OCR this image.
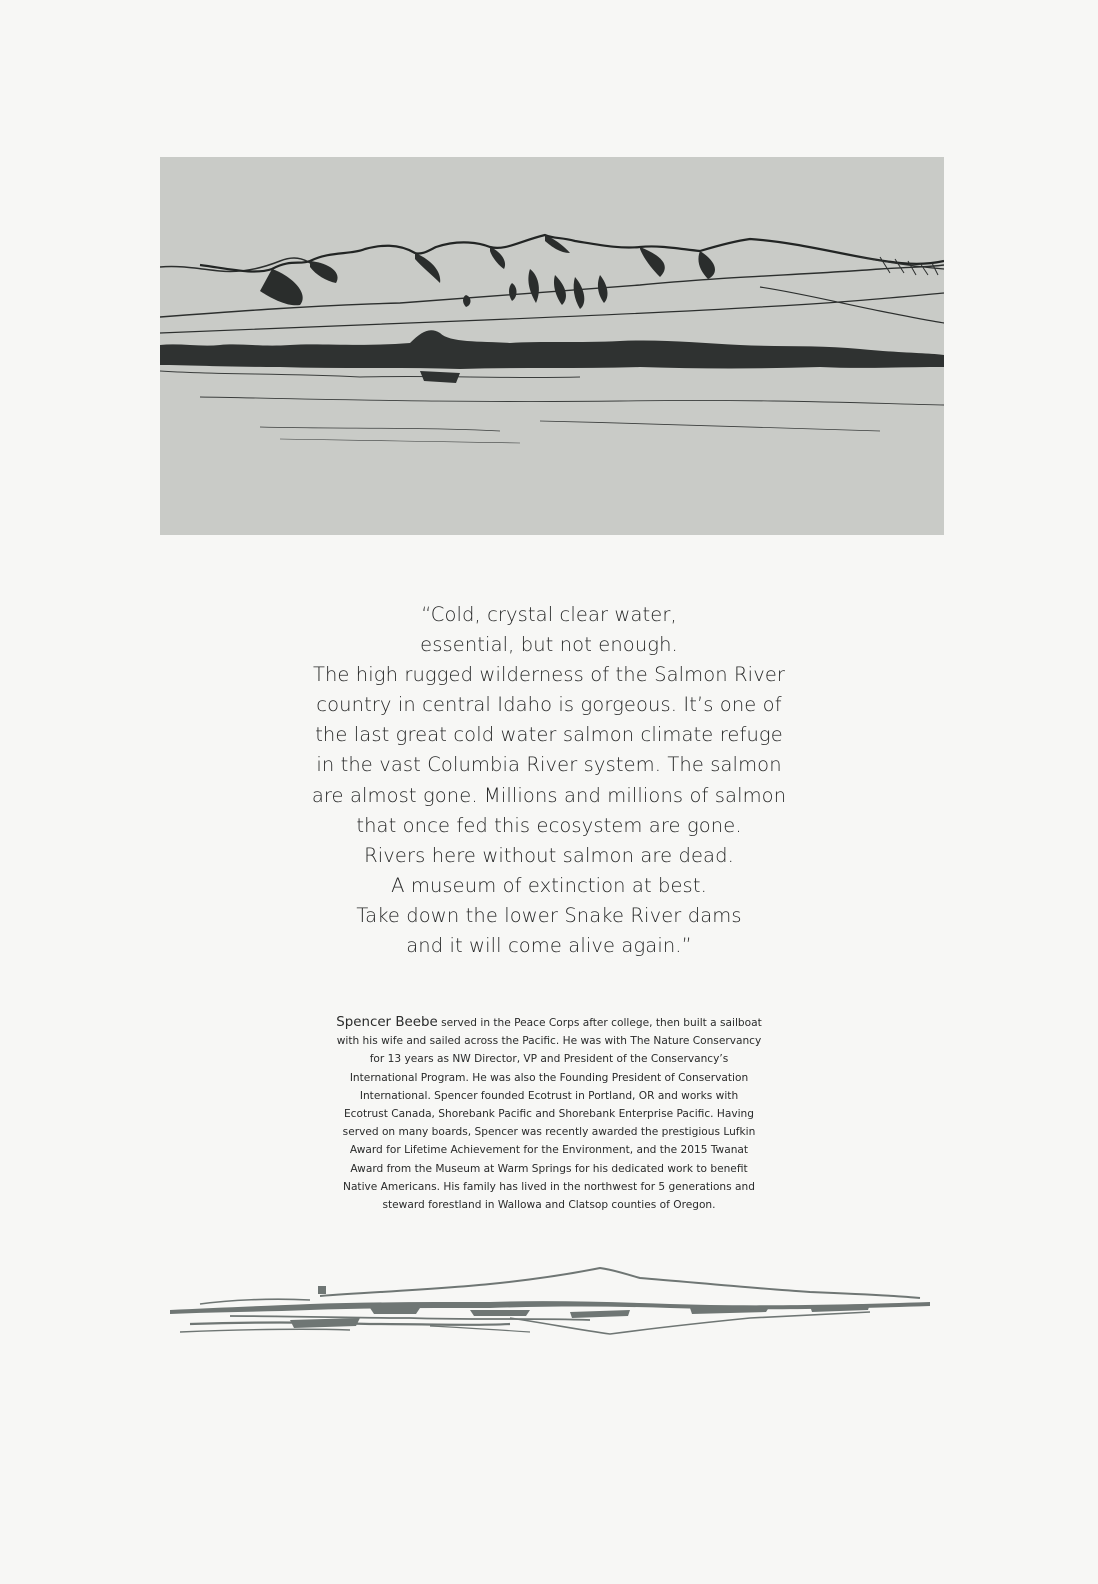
“Cold, crystal clear water,
essential, but not enough.
The high rugged wilderness of the Salmon River
country in central Idaho is gorgeous. It’s one of
the last great cold water salmon climate refuge
in the vast Columbia River system. The salmon
are almost gone. Millions and millions of salmon
that once fed this ecosystem are gone.
Rivers here without salmon are dead.
A museum of extinction at best.
Take down the lower Snake River dams
and it will come alive again.”
Spencer Beebe served in the Peace Corps after college, then built a sailboat
with his wife and sailed across the Pacific. He was with The Nature Conservancy
for 13 years as NW Director, VP and President of the Conservancy’s
International Program. He was also the Founding President of Conservation
International. Spencer founded Ecotrust in Portland, OR and works with
Ecotrust Canada, Shorebank Pacific and Shorebank Enterprise Pacific. Having
served on many boards, Spencer was recently awarded the prestigious Lufkin
Award for Lifetime Achievement for the Environment, and the 2015 Twanat
Award from the Museum at Warm Springs for his dedicated work to benefit
Native Americans. His family has lived in the northwest for 5 generations and
steward forestland in Wallowa and Clatsop counties of Oregon.
